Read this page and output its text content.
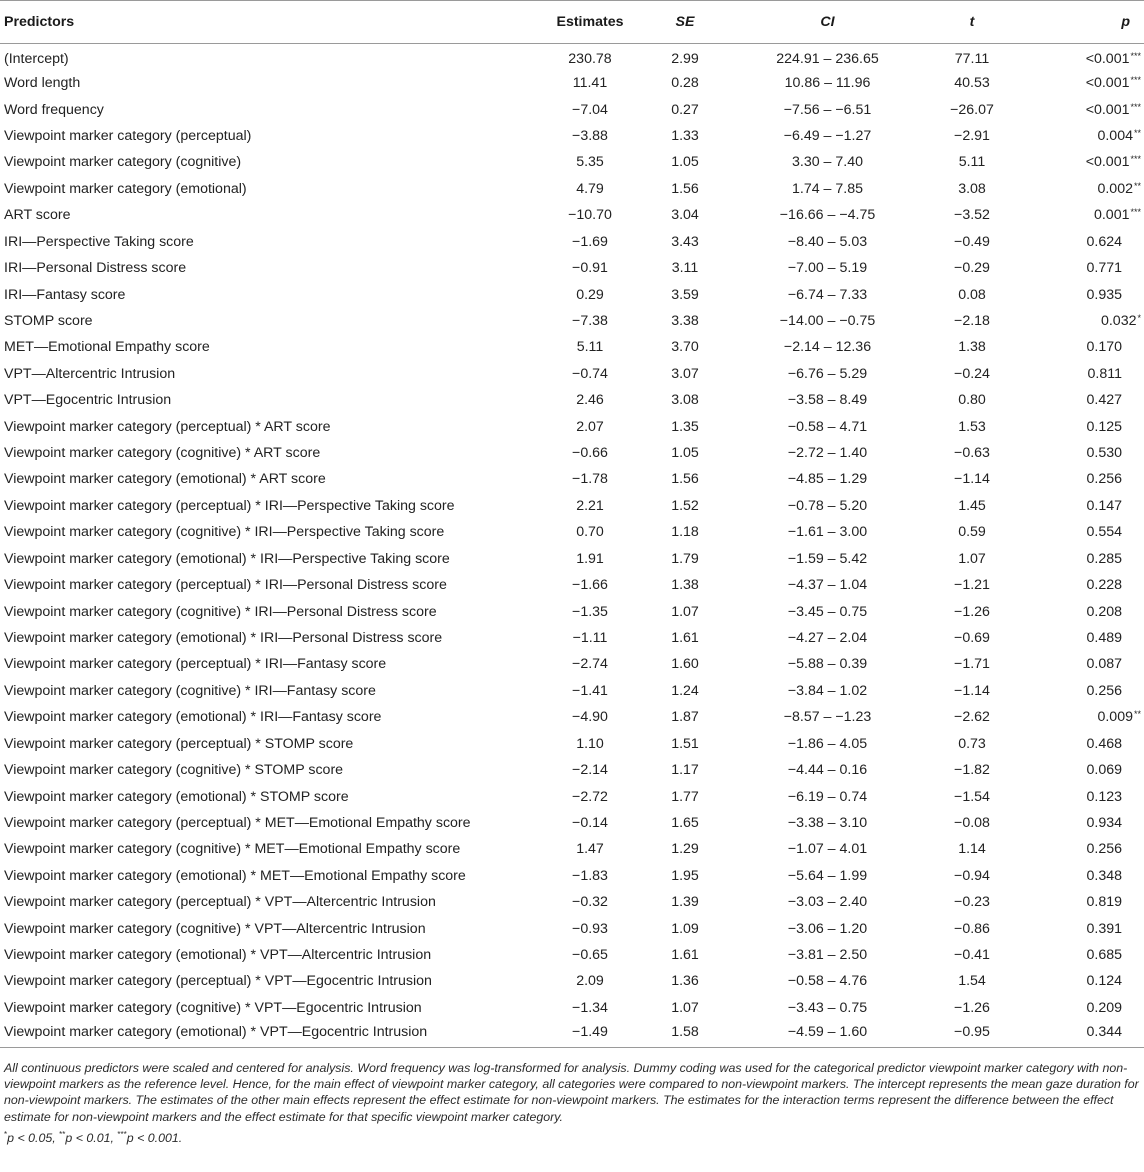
Predictors	Estimates	SE	CI	t	p
(Intercept)	230.78	2.99	224.91 – 236.65	77.11	<0.001***
Word length	11.41	0.28	10.86 – 11.96	40.53	<0.001***
Word frequency	−7.04	0.27	−7.56 – −6.51	−26.07	<0.001***
Viewpoint marker category (perceptual)	−3.88	1.33	−6.49 – −1.27	−2.91	0.004**
Viewpoint marker category (cognitive)	5.35	1.05	3.30 – 7.40	5.11	<0.001***
Viewpoint marker category (emotional)	4.79	1.56	1.74 – 7.85	3.08	0.002**
ART score	−10.70	3.04	−16.66 – −4.75	−3.52	0.001***
IRI—Perspective Taking score	−1.69	3.43	−8.40 – 5.03	−0.49	0.624
IRI—Personal Distress score	−0.91	3.11	−7.00 – 5.19	−0.29	0.771
IRI—Fantasy score	0.29	3.59	−6.74 – 7.33	0.08	0.935
STOMP score	−7.38	3.38	−14.00 – −0.75	−2.18	0.032*
MET—Emotional Empathy score	5.11	3.70	−2.14 – 12.36	1.38	0.170
VPT—Altercentric Intrusion	−0.74	3.07	−6.76 – 5.29	−0.24	0.811
VPT—Egocentric Intrusion	2.46	3.08	−3.58 – 8.49	0.80	0.427
Viewpoint marker category (perceptual) * ART score	2.07	1.35	−0.58 – 4.71	1.53	0.125
Viewpoint marker category (cognitive) * ART score	−0.66	1.05	−2.72 – 1.40	−0.63	0.530
Viewpoint marker category (emotional) * ART score	−1.78	1.56	−4.85 – 1.29	−1.14	0.256
Viewpoint marker category (perceptual) * IRI—Perspective Taking score	2.21	1.52	−0.78 – 5.20	1.45	0.147
Viewpoint marker category (cognitive) * IRI—Perspective Taking score	0.70	1.18	−1.61 – 3.00	0.59	0.554
Viewpoint marker category (emotional) * IRI—Perspective Taking score	1.91	1.79	−1.59 – 5.42	1.07	0.285
Viewpoint marker category (perceptual) * IRI—Personal Distress score	−1.66	1.38	−4.37 – 1.04	−1.21	0.228
Viewpoint marker category (cognitive) * IRI—Personal Distress score	−1.35	1.07	−3.45 – 0.75	−1.26	0.208
Viewpoint marker category (emotional) * IRI—Personal Distress score	−1.11	1.61	−4.27 – 2.04	−0.69	0.489
Viewpoint marker category (perceptual) * IRI—Fantasy score	−2.74	1.60	−5.88 – 0.39	−1.71	0.087
Viewpoint marker category (cognitive) * IRI—Fantasy score	−1.41	1.24	−3.84 – 1.02	−1.14	0.256
Viewpoint marker category (emotional) * IRI—Fantasy score	−4.90	1.87	−8.57 – −1.23	−2.62	0.009**
Viewpoint marker category (perceptual) * STOMP score	1.10	1.51	−1.86 – 4.05	0.73	0.468
Viewpoint marker category (cognitive) * STOMP score	−2.14	1.17	−4.44 – 0.16	−1.82	0.069
Viewpoint marker category (emotional) * STOMP score	−2.72	1.77	−6.19 – 0.74	−1.54	0.123
Viewpoint marker category (perceptual) * MET—Emotional Empathy score	−0.14	1.65	−3.38 – 3.10	−0.08	0.934
Viewpoint marker category (cognitive) * MET—Emotional Empathy score	1.47	1.29	−1.07 – 4.01	1.14	0.256
Viewpoint marker category (emotional) * MET—Emotional Empathy score	−1.83	1.95	−5.64 – 1.99	−0.94	0.348
Viewpoint marker category (perceptual) * VPT—Altercentric Intrusion	−0.32	1.39	−3.03 – 2.40	−0.23	0.819
Viewpoint marker category (cognitive) * VPT—Altercentric Intrusion	−0.93	1.09	−3.06 – 1.20	−0.86	0.391
Viewpoint marker category (emotional) * VPT—Altercentric Intrusion	−0.65	1.61	−3.81 – 2.50	−0.41	0.685
Viewpoint marker category (perceptual) * VPT—Egocentric Intrusion	2.09	1.36	−0.58 – 4.76	1.54	0.124
Viewpoint marker category (cognitive) * VPT—Egocentric Intrusion	−1.34	1.07	−3.43 – 0.75	−1.26	0.209
Viewpoint marker category (emotional) * VPT—Egocentric Intrusion	−1.49	1.58	−4.59 – 1.60	−0.95	0.344

All continuous predictors were scaled and centered for analysis. Word frequency was log-transformed for analysis. Dummy coding was used for the categorical predictor viewpoint marker category with non-viewpoint markers as the reference level. Hence, for the main effect of viewpoint marker category, all categories were compared to non-viewpoint markers. The intercept represents the mean gaze duration for non-viewpoint markers. The estimates of the other main effects represent the effect estimate for non-viewpoint markers. The estimates for the interaction terms represent the difference between the effect estimate for non-viewpoint markers and the effect estimate for that specific viewpoint marker category.

*p < 0.05, **p < 0.01, ***p < 0.001.
